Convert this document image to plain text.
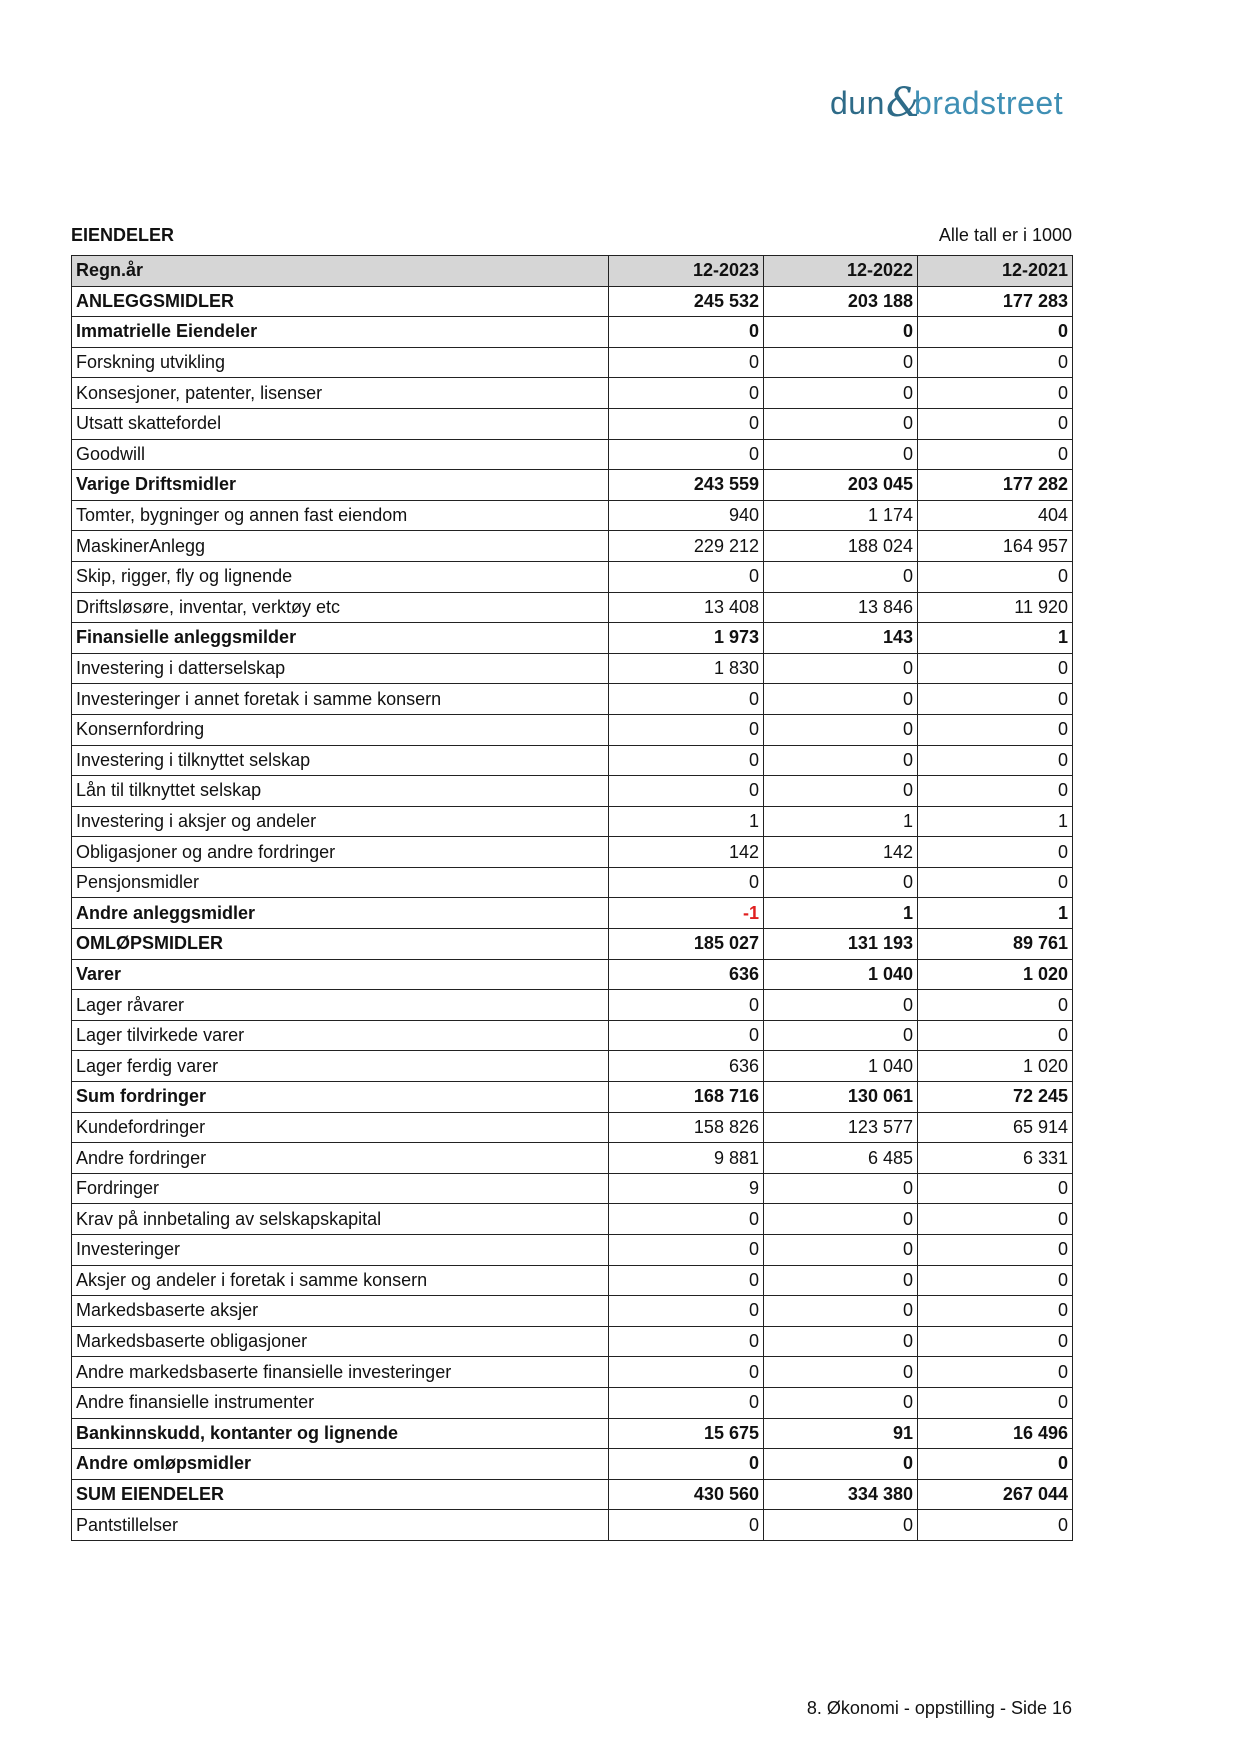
dun &
bradstreet
EIENDELER	Alle tall er i 1000
Regn.år	12-2023	12-2022	12-2021
ANLEGGSMIDLER	245 532	203 188	177 283
Immatrielle Eiendeler	0	0	0
Forskning utvikling	0	0	0
Konsesjoner, patenter, lisenser	0	0	0
Utsatt skattefordel	0	0	0
Goodwill	0	0	0
Varige Driftsmidler	243 559	203 045	177 282
Tomter, bygninger og annen fast eiendom	940	1 174	404
MaskinerAnlegg	229 212	188 024	164 957
Skip, rigger, fly og lignende	0	0	0
Driftsløsøre, inventar, verktøy etc	13 408	13 846	11 920
Finansielle anleggsmilder	1 973	143	1
Investering i datterselskap	1 830	0	0
Investeringer i annet foretak i samme konsern	0	0	0
Konsernfordring	0	0	0
Investering i tilknyttet selskap	0	0	0
Lån til tilknyttet selskap	0	0	0
Investering i aksjer og andeler	1	1	1
Obligasjoner og andre fordringer	142	142	0
Pensjonsmidler	0	0	0
Andre anleggsmidler	-1	1	1
OMLØPSMIDLER	185 027	131 193	89 761
Varer	636	1 040	1 020
Lager råvarer	0	0	0
Lager tilvirkede varer	0	0	0
Lager ferdig varer	636	1 040	1 020
Sum fordringer	168 716	130 061	72 245
Kundefordringer	158 826	123 577	65 914
Andre fordringer	9 881	6 485	6 331
Fordringer	9	0	0
Krav på innbetaling av selskapskapital	0	0	0
Investeringer	0	0	0
Aksjer og andeler i foretak i samme konsern	0	0	0
Markedsbaserte aksjer	0	0	0
Markedsbaserte obligasjoner	0	0	0
Andre markedsbaserte finansielle investeringer	0	0	0
Andre finansielle instrumenter	0	0	0
Bankinnskudd, kontanter og lignende	15 675	91	16 496
Andre omløpsmidler	0	0	0
SUM EIENDELER	430 560	334 380	267 044
Pantstillelser	0	0	0
8. Økonomi - oppstilling - Side 16
